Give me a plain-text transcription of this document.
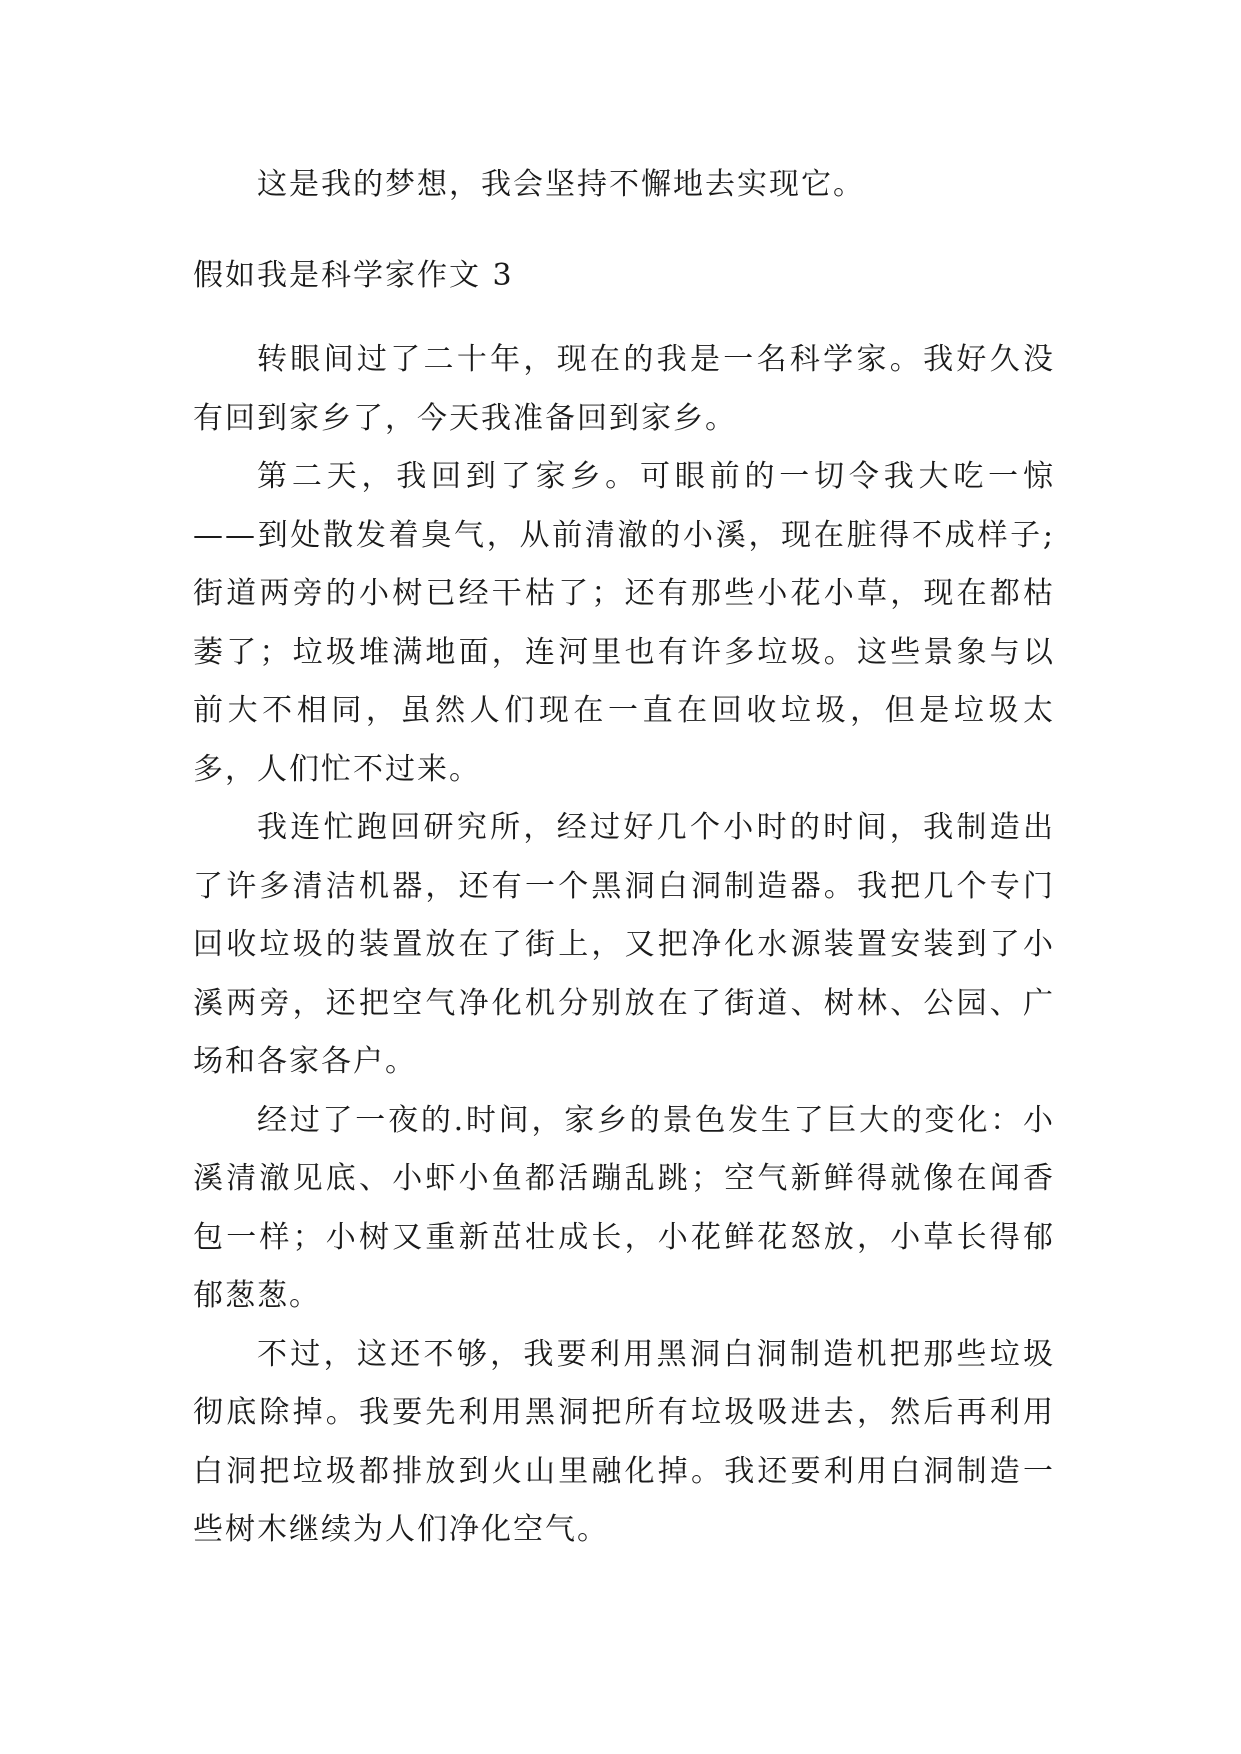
这是我的梦想，我会坚持不懈地去实现它。

假如我是科学家作文 3

转眼间过了二十年，现在的我是一名科学家。我好久没有回到家乡了，今天我准备回到家乡。

第二天，我回到了家乡。可眼前的一切令我大吃一惊——到处散发着臭气，从前清澈的小溪，现在脏得不成样子;街道两旁的小树已经干枯了；还有那些小花小草，现在都枯萎了；垃圾堆满地面，连河里也有许多垃圾。这些景象与以前大不相同，虽然人们现在一直在回收垃圾，但是垃圾太多，人们忙不过来。

我连忙跑回研究所，经过好几个小时的时间，我制造出了许多清洁机器，还有一个黑洞白洞制造器。我把几个专门回收垃圾的装置放在了街上，又把净化水源装置安装到了小溪两旁，还把空气净化机分别放在了街道、树林、公园、广场和各家各户。

经过了一夜的.时间，家乡的景色发生了巨大的变化：小溪清澈见底、小虾小鱼都活蹦乱跳；空气新鲜得就像在闻香包一样；小树又重新茁壮成长，小花鲜花怒放，小草长得郁郁葱葱。

不过，这还不够，我要利用黑洞白洞制造机把那些垃圾彻底除掉。我要先利用黑洞把所有垃圾吸进去，然后再利用白洞把垃圾都排放到火山里融化掉。我还要利用白洞制造一些树木继续为人们净化空气。
